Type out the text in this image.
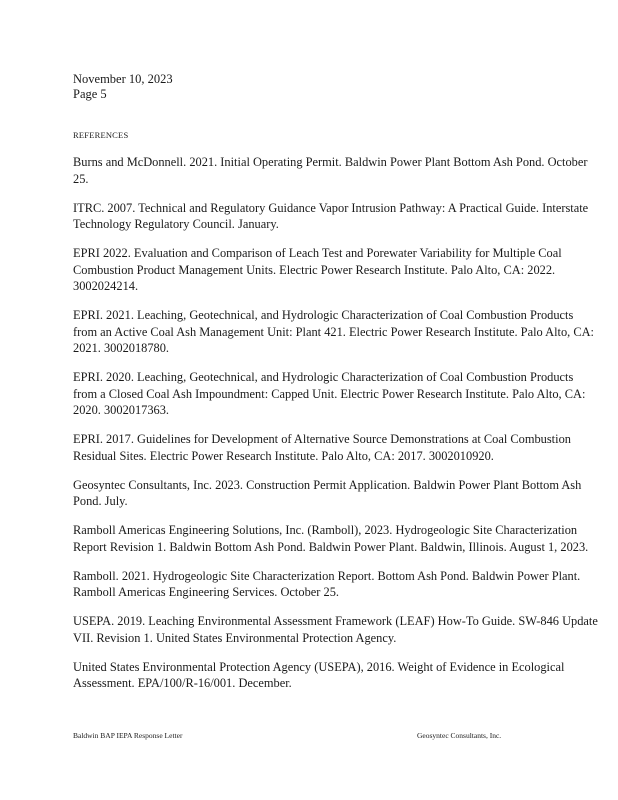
November 10, 2023
Page 5
REFERENCES

Burns and McDonnell. 2021. Initial Operating Permit. Baldwin Power Plant Bottom Ash Pond. October 25.

ITRC. 2007. Technical and Regulatory Guidance Vapor Intrusion Pathway: A Practical Guide. Interstate Technology Regulatory Council. January.

EPRI 2022. Evaluation and Comparison of Leach Test and Porewater Variability for Multiple Coal Combustion Product Management Units. Electric Power Research Institute. Palo Alto, CA: 2022. 3002024214.

EPRI. 2021. Leaching, Geotechnical, and Hydrologic Characterization of Coal Combustion Products from an Active Coal Ash Management Unit: Plant 421. Electric Power Research Institute. Palo Alto, CA: 2021. 3002018780.

EPRI. 2020. Leaching, Geotechnical, and Hydrologic Characterization of Coal Combustion Products from a Closed Coal Ash Impoundment: Capped Unit. Electric Power Research Institute. Palo Alto, CA: 2020. 3002017363.

EPRI. 2017. Guidelines for Development of Alternative Source Demonstrations at Coal Combustion Residual Sites. Electric Power Research Institute. Palo Alto, CA: 2017. 3002010920.

Geosyntec Consultants, Inc. 2023. Construction Permit Application. Baldwin Power Plant Bottom Ash Pond. July.

Ramboll Americas Engineering Solutions, Inc. (Ramboll), 2023. Hydrogeologic Site Characterization Report Revision 1. Baldwin Bottom Ash Pond. Baldwin Power Plant. Baldwin, Illinois. August 1, 2023.

Ramboll. 2021. Hydrogeologic Site Characterization Report. Bottom Ash Pond. Baldwin Power Plant. Ramboll Americas Engineering Services. October 25.

USEPA. 2019. Leaching Environmental Assessment Framework (LEAF) How-To Guide. SW-846 Update VII. Revision 1. United States Environmental Protection Agency.

United States Environmental Protection Agency (USEPA), 2016. Weight of Evidence in Ecological Assessment. EPA/100/R-16/001. December.

Baldwin BAP IEPA Response Letter	Geosyntec Consultants, Inc.
